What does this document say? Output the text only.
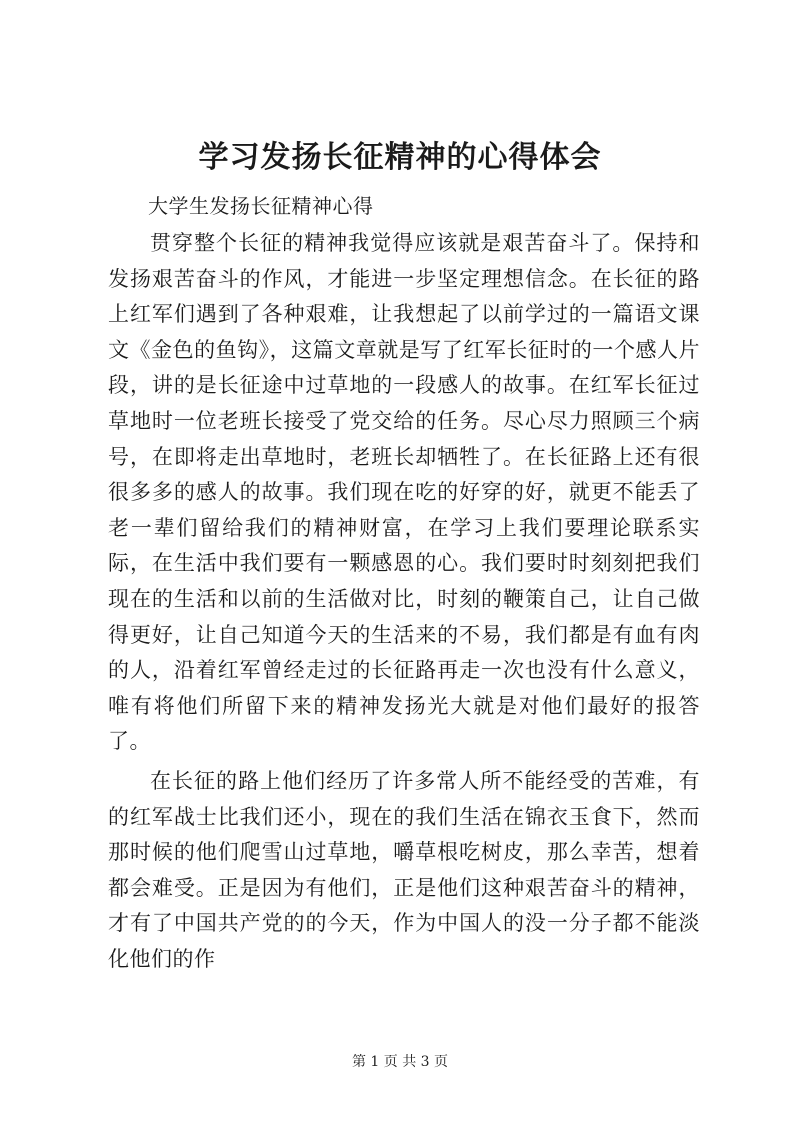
学习发扬长征精神的心得体会
大学生发扬长征精神心得

贯穿整个长征的精神我觉得应该就是艰苦奋斗了。保持和发扬艰苦奋斗的作风，才能进一步坚定理想信念。在长征的路上红军们遇到了各种艰难，让我想起了以前学过的一篇语文课文《金色的鱼钩》，这篇文章就是写了红军长征时的一个感人片段，讲的是长征途中过草地的一段感人的故事。在红军长征过草地时一位老班长接受了党交给的任务。尽心尽力照顾三个病号，在即将走出草地时，老班长却牺牲了。在长征路上还有很很多多的感人的故事。我们现在吃的好穿的好，就更不能丢了老一辈们留给我们的精神财富，在学习上我们要理论联系实际，在生活中我们要有一颗感恩的心。我们要时时刻刻把我们现在的生活和以前的生活做对比，时刻的鞭策自己，让自己做得更好，让自己知道今天的生活来的不易，我们都是有血有肉的人，沿着红军曾经走过的长征路再走一次也没有什么意义，唯有将他们所留下来的精神发扬光大就是对他们最好的报答了。

在长征的路上他们经历了许多常人所不能经受的苦难，有的红军战士比我们还小，现在的我们生活在锦衣玉食下，然而那时候的他们爬雪山过草地，嚼草根吃树皮，那么幸苦，想着都会难受。正是因为有他们，正是他们这种艰苦奋斗的精神，才有了中国共产党的的今天，作为中国人的没一分子都不能淡化他们的作

第 1 页 共 3 页
